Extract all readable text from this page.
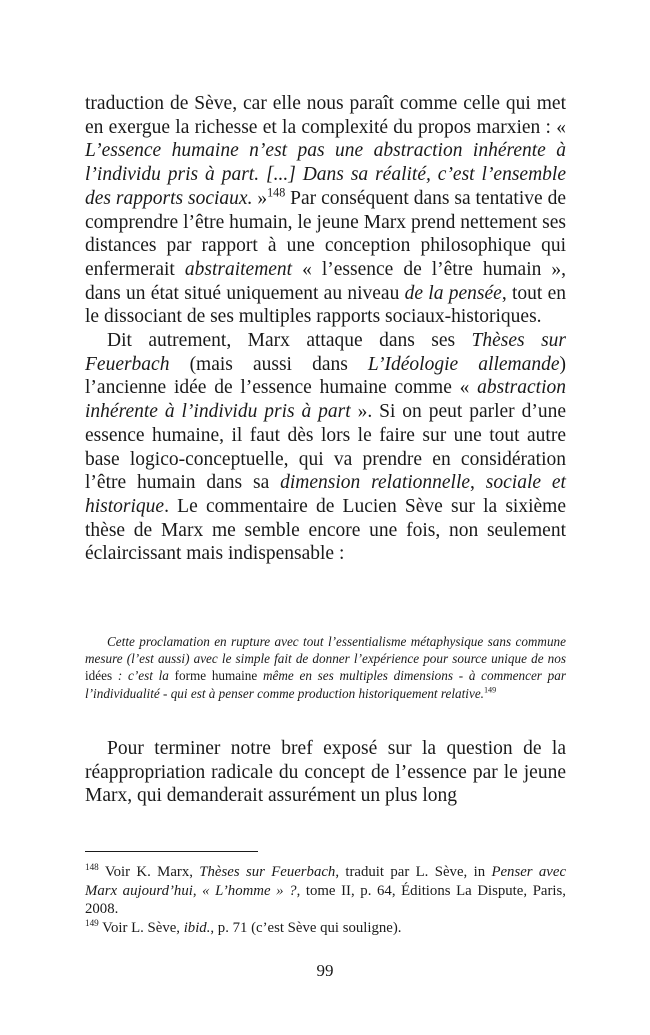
traduction de Sève, car elle nous paraît comme celle qui met en exergue la richesse et la complexité du propos marxien : « L’essence humaine n’est pas une abstraction inhérente à l’individu pris à part. [...] Dans sa réalité, c’est l’ensemble des rapports sociaux. »$^{148}$ Par conséquent dans sa tentative de comprendre l’être humain, le jeune Marx prend nettement ses distances par rapport à une conception philosophique qui enfermerait abstraitement « l’essence de l’être humain », dans un état situé uniquement au niveau de la pensée, tout en le dissociant de ses multiples rapports sociaux-historiques.

Dit autrement, Marx attaque dans ses Thèses sur Feuerbach (mais aussi dans L’Idéologie allemande) l’ancienne idée de l’essence humaine comme « abstraction inhérente à l’individu pris à part ». Si on peut parler d’une essence humaine, il faut dès lors le faire sur une tout autre base logico-conceptuelle, qui va prendre en considération l’être humain dans sa dimension relationnelle, sociale et historique. Le commentaire de Lucien Sève sur la sixième thèse de Marx me semble encore une fois, non seulement éclaircissant mais indispensable :

Cette proclamation en rupture avec tout l’essentialisme métaphysique sans commune mesure (l’est aussi) avec le simple fait de donner l’expérience pour source unique de nos idées : c’est la forme humaine même en ses multiples dimensions - à commencer par l’individualité - qui est à penser comme production historiquement relative.$^{149}$

Pour terminer notre bref exposé sur la question de la réappropriation radicale du concept de l’essence par le jeune Marx, qui demanderait assurément un plus long

$^{148}$ Voir K. Marx, Thèses sur Feuerbach, traduit par L. Sève, in Penser avec Marx aujourd’hui, « L’homme » ?, tome II, p. 64, Éditions La Dispute, Paris, 2008.

$^{149}$ Voir L. Sève, ibid., p. 71 (c’est Sève qui souligne).

99
